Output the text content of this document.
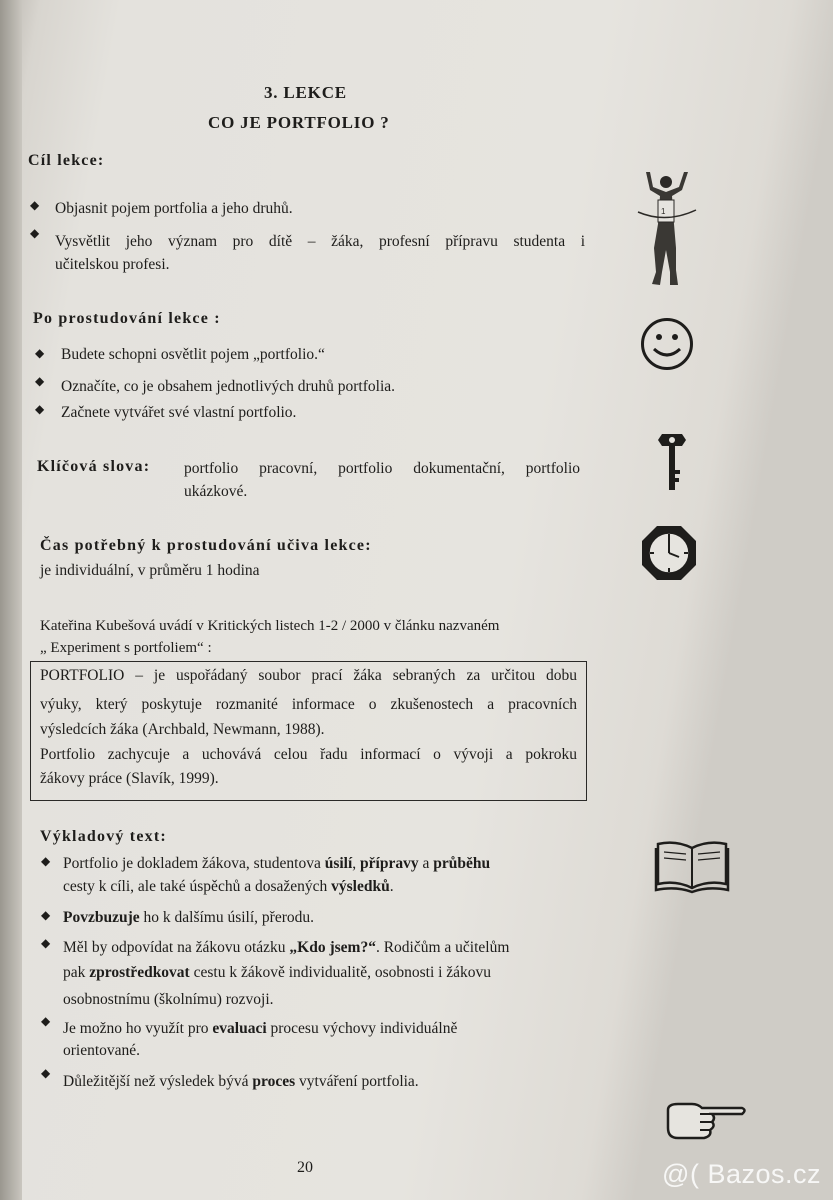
3. LEKCE
CO JE PORTFOLIO ?
Cíl lekce:
◆ Objasnit pojem portfolia a jeho druhů.
◆ Vysvětlit jeho význam pro dítě – žáka, profesní přípravu studenta i
učitelskou profesi.
Po prostudování lekce :
◆ Budete schopni osvětlit pojem „portfolio.“
◆ Označíte, co je obsahem jednotlivých druhů portfolia.
◆ Začnete vytvářet své vlastní portfolio.
Klíčová slova: portfolio pracovní, portfolio dokumentační, portfolio
ukázkové.
Čas potřebný k prostudování učiva lekce:
je individuální, v průměru 1 hodina
Kateřina Kubešová uvádí v Kritických listech 1-2 / 2000 v článku nazvaném
„ Experiment s portfoliem“ :
PORTFOLIO – je uspořádaný soubor prací žáka sebraných za určitou dobu
výuky, který poskytuje rozmanité informace o zkušenostech a pracovních
výsledcích žáka (Archbald, Newmann, 1988).
Portfolio zachycuje a uchovává celou řadu informací o vývoji a pokroku
žákovy práce (Slavík, 1999).
Výkladový text:
◆ Portfolio je dokladem žákova, studentova úsilí, přípravy a průběhu
cesty k cíli, ale také úspěchů a dosažených výsledků.
◆ Povzbuzuje ho k dalšímu úsilí, přerodu.
◆ Měl by odpovídat na žákovu otázku „Kdo jsem?“. Rodičům a učitelům
pak zprostředkovat cestu k žákově individualitě, osobnosti i žákovu
osobnostnímu (školnímu) rozvoji.
◆ Je možno ho využít pro evaluaci procesu výchovy individuálně
orientované.
◆ Důležitější než výsledek bývá proces vytváření portfolia.
20
1
@( Bazos.cz
